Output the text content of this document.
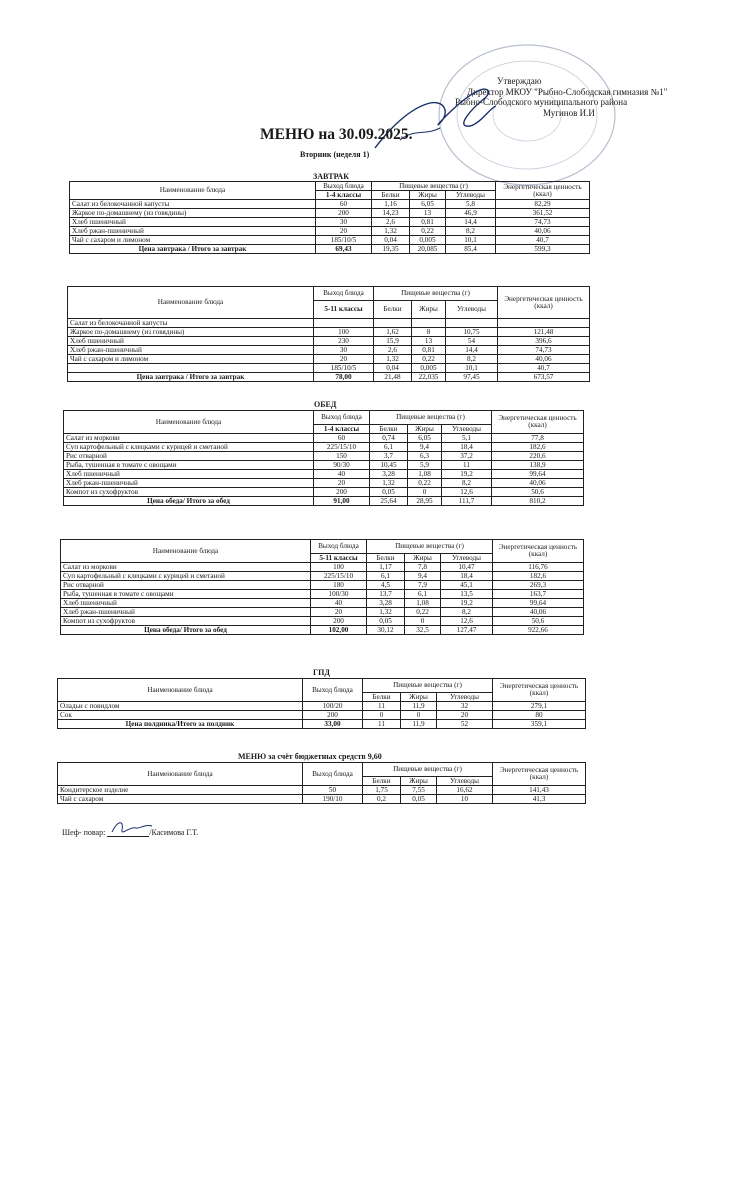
Утверждаю
Директор МКОУ "Рыбно-Слободская гимназия №1"
Рыбно-Слободского муниципального района
Мугинов И.И
МЕНЮ на 30.09.2025.
Вторник (неделя 1)
ЗАВТРАК
Наименование блюда	Выход блюда	Пищевые вещества (г)			Энергетическая ценность (ккал)
	1-4 классы	Белки	Жиры	Углеводы	
Салат из белокочанной капусты	60	1,16	6,05	5,8	82,29
Жаркое по-домашнему (из говядины)	200	14,23	13	46,9	361,52
Хлеб пшеничный	30	2,6	0,81	14,4	74,73
Хлеб ржан-пшеничный	20	1,32	0,22	8,2	40,06
Чай с сахаром и лимоном	185/10/5	0,04	0,005	10,1	40,7
Цена завтрака / Итого за завтрак	69,43	19,35	20,085	85,4	599,3
Наименование блюда	Выход блюда	Пищевые вещества (г)			Энергетическая ценность (ккал)
	5-11 классы	Белки	Жиры	Углеводы	
Салат из белокочанной капусты					
Жаркое по-домашнему (из говядины)	100	1,62	8	10,75	121,48
Хлеб пшеничный	230	15,9	13	54	396,6
Хлеб ржан-пшеничный	30	2,6	0,81	14,4	74,73
Чай с сахаром и лимоном	20	1,32	0,22	8,2	40,06
	185/10/5	0,04	0,005	10,1	40,7
Цена завтрака / Итого за завтрак	78,00	21,48	22,035	97,45	673,57
ОБЕД
Наименование блюда	Выход блюда	Пищевые вещества (г)			Энергетическая ценность (ккал)
	1-4 классы	Белки	Жиры	Углеводы	
Салат из моркови	60	0,74	6,05	5,1	77,8
Суп картофельный с клецками с курицей и сметаной	225/15/10	6,1	9,4	18,4	182,6
Рис отварной	150	3,7	6,3	37,2	220,6
Рыба, тушенная в томате с овощами	90/30	10,45	5,9	11	138,9
Хлеб пшеничный	40	3,28	1,08	19,2	99,64
Хлеб ржан-пшеничный	20	1,32	0,22	8,2	40,06
Компот из сухофруктов	200	0,05	0	12,6	50,6
Цена обеда/ Итого за обед	91,00	25,64	28,95	111,7	810,2
Наименование блюда	Выход блюда	Пищевые вещества (г)			Энергетическая ценность (ккал)
	5-11 классы	Белки	Жиры	Углеводы	
Салат из моркови	100	1,17	7,8	10,47	116,76
Суп картофельный с клецками с курицей и сметаной	225/15/10	6,1	9,4	18,4	182,6
Рис отварной	180	4,5	7,9	45,1	269,3
Рыба, тушенная в томате с овощами	100/30	13,7	6,1	13,5	163,7
Хлеб пшеничный	40	3,28	1,08	19,2	99,64
Хлеб ржан-пшеничный	20	1,32	0,22	8,2	40,06
Компот из сухофруктов	200	0,05	0	12,6	50,6
Цена обеда/ Итого за обед	102,00	30,12	32,5	127,47	922,66
ГПД
Наименование блюда	Выход блюда	Пищевые вещества (г)			Энергетическая ценность (ккал)
		Белки	Жиры	Углеводы	
Оладьи с повидлом	100/20	11	11,9	32	279,1
Сок	200	0	0	20	80
Цена полдника/Итого за полдник	33,00	11	11,9	52	359,1
МЕНЮ за счёт бюджетных средств 9,60
Наименование блюда	Выход блюда	Пищевые вещества (г)			Энергетическая ценность (ккал)
		Белки	Жиры	Углеводы	
Кондитерское изделие	50	1,75	7,55	16,62	141,43
Чай с сахаром	190/10	0,2	0,05	10	41,3
Шеф- повар:	/Касимова Г.Т.
